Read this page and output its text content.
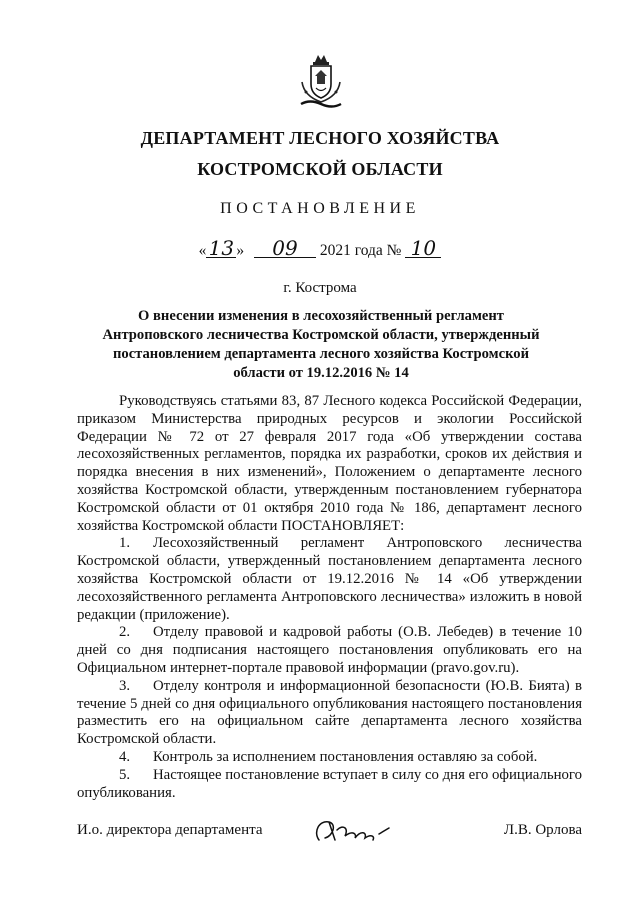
ДЕПАРТАМЕНТ ЛЕСНОГО ХОЗЯЙСТВА
КОСТРОМСКОЙ ОБЛАСТИ
ПОСТАНОВЛЕНИЕ
« 13 » 09 2021 года № 10
г. Кострома
О внесении изменения в лесохозяйственный регламент Антроповского лесничества Костромской области, утвержденный постановлением департамента лесного хозяйства Костромской области от 19.12.2016 № 14

Руководствуясь статьями 83, 87 Лесного кодекса Российской Федерации, приказом Министерства природных ресурсов и экологии Российской Федерации № 72 от 27 февраля 2017 года «Об утверждении состава лесохозяйственных регламентов, порядка их разработки, сроков их действия и порядка внесения в них изменений», Положением о департаменте лесного хозяйства Костромской области, утвержденным постановлением губернатора Костромской области от 01 октября 2010 года № 186, департамент лесного хозяйства Костромской области ПОСТАНОВЛЯЕТ:

1. Лесохозяйственный регламент Антроповского лесничества Костромской области, утвержденный постановлением департамента лесного хозяйства Костромской области от 19.12.2016 № 14 «Об утверждении лесохозяйственного регламента Антроповского лесничества» изложить в новой редакции (приложение).

2. Отделу правовой и кадровой работы (О.В. Лебедев) в течение 10 дней со дня подписания настоящего постановления опубликовать его на Официальном интернет-портале правовой информации (pravo.gov.ru).

3. Отделу контроля и информационной безопасности (Ю.В. Бията) в течение 5 дней со дня официального опубликования настоящего постановления разместить его на официальном сайте департамента лесного хозяйства Костромской области.

4. Контроль за исполнением постановления оставляю за собой.

5. Настоящее постановление вступает в силу со дня его официального опубликования.

И.о. директора департамента	Л.В. Орлова
